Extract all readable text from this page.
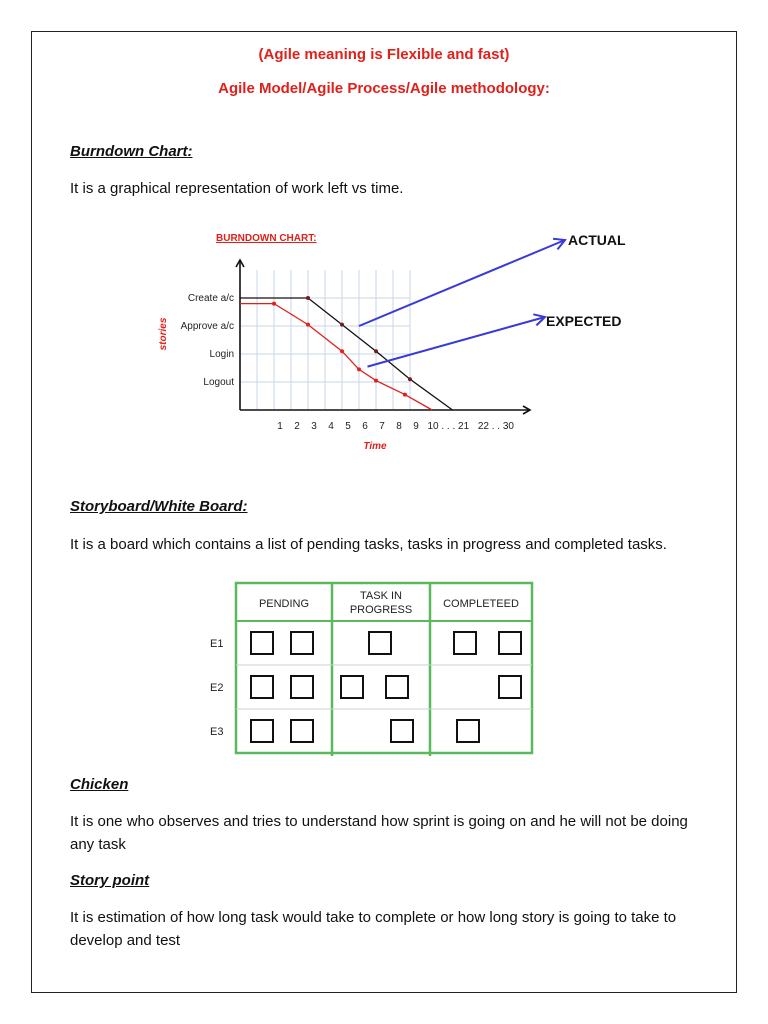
(Agile meaning is Flexible and fast)
Agile Model/Agile Process/Agile methodology:
Burndown Chart:
It is a graphical representation of work left vs time.
BURNDOWN CHART:
Create a/c
Approve a/c
Login
Logout
1 2 3 4 5 6 7 8 9 10 . . . 21 22 . . 30
stories
Time
ACTUAL
EXPECTED
Storyboard/White Board:
It is a board which contains a list of pending tasks, tasks in progress and completed tasks.
PENDING
TASK IN
PROGRESS	COMPLETEED
E1
E2
E3
Chicken
It is one who observes and tries to understand how sprint is going on and he will not be doing any task
Story point
It is estimation of how long task would take to complete or how long story is going to take to develop and test
